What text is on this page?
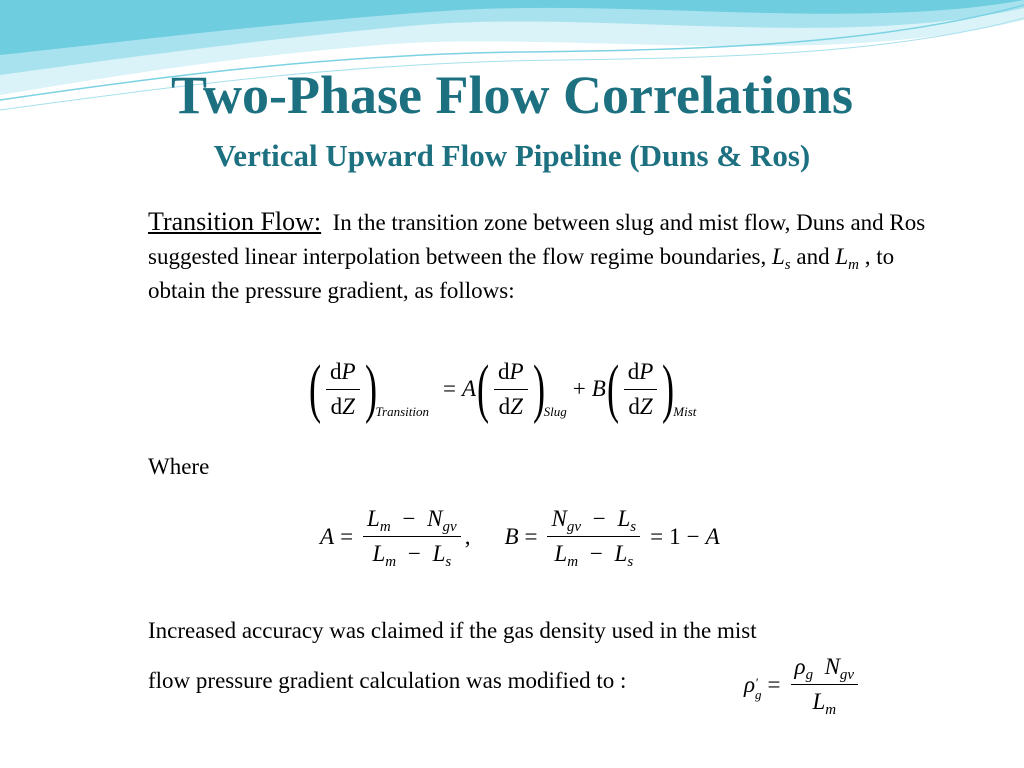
Two-Phase Flow Correlations
Vertical Upward Flow Pipeline (Duns & Ros)
Transition Flow: In the transition zone between slug and mist flow, Duns and Ros suggested linear interpolation between the flow regime boundaries, $L_s$ and $L_m$ , to obtain the pressure gradient, as follows:
( $\frac{dP}{dZ}$ )
Transition
= A ( $\frac{dP}{dZ}$ )
Slug
+ B ( $\frac{dP}{dZ}$ )
Mist
Where
$A = \frac{L_m - N_{gv}}{L_m - L_s}$ , $B = \frac{N_{gv} - L_s}{L_m - L_s} = 1 - A$
Increased accuracy was claimed if the gas density used in the mist
flow pressure gradient calculation was modified to :	ρ '
$g = \frac{\rho_g N_{gv}}{L_m}$
